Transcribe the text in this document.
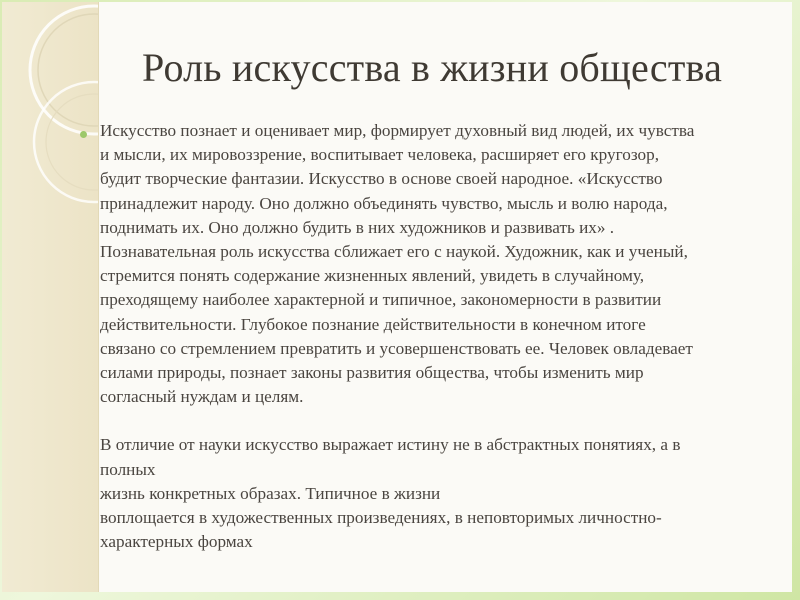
Роль искусства в жизни общества
Искусство познает и оценивает мир, формирует духовный вид людей, их чувства
и мысли, их мировоззрение, воспитывает человека, расширяет его кругозор,
будит творческие фантазии. Искусство в основе своей народное. «Искусство
принадлежит народу. Оно должно объединять чувство, мысль и волю народа,
поднимать их. Оно должно будить в них художников и развивать их» .
Познавательная роль искусства сближает его с наукой. Художник, как и ученый,
стремится понять содержание жизненных явлений, увидеть в случайному,
преходящему наиболее характерной и типичное, закономерности в развитии
действительности. Глубокое познание действительности в конечном итоге
связано со стремлением превратить и усовершенствовать ее. Человек овладевает
силами природы, познает законы развития общества, чтобы изменить мир
согласный нуждам и целям.
В отличие от науки искусство выражает истину не в абстрактных понятиях, а в
полных
жизнь конкретных образах. Типичное в жизни
воплощается в художественных произведениях, в неповторимых личностно-
характерных формах
